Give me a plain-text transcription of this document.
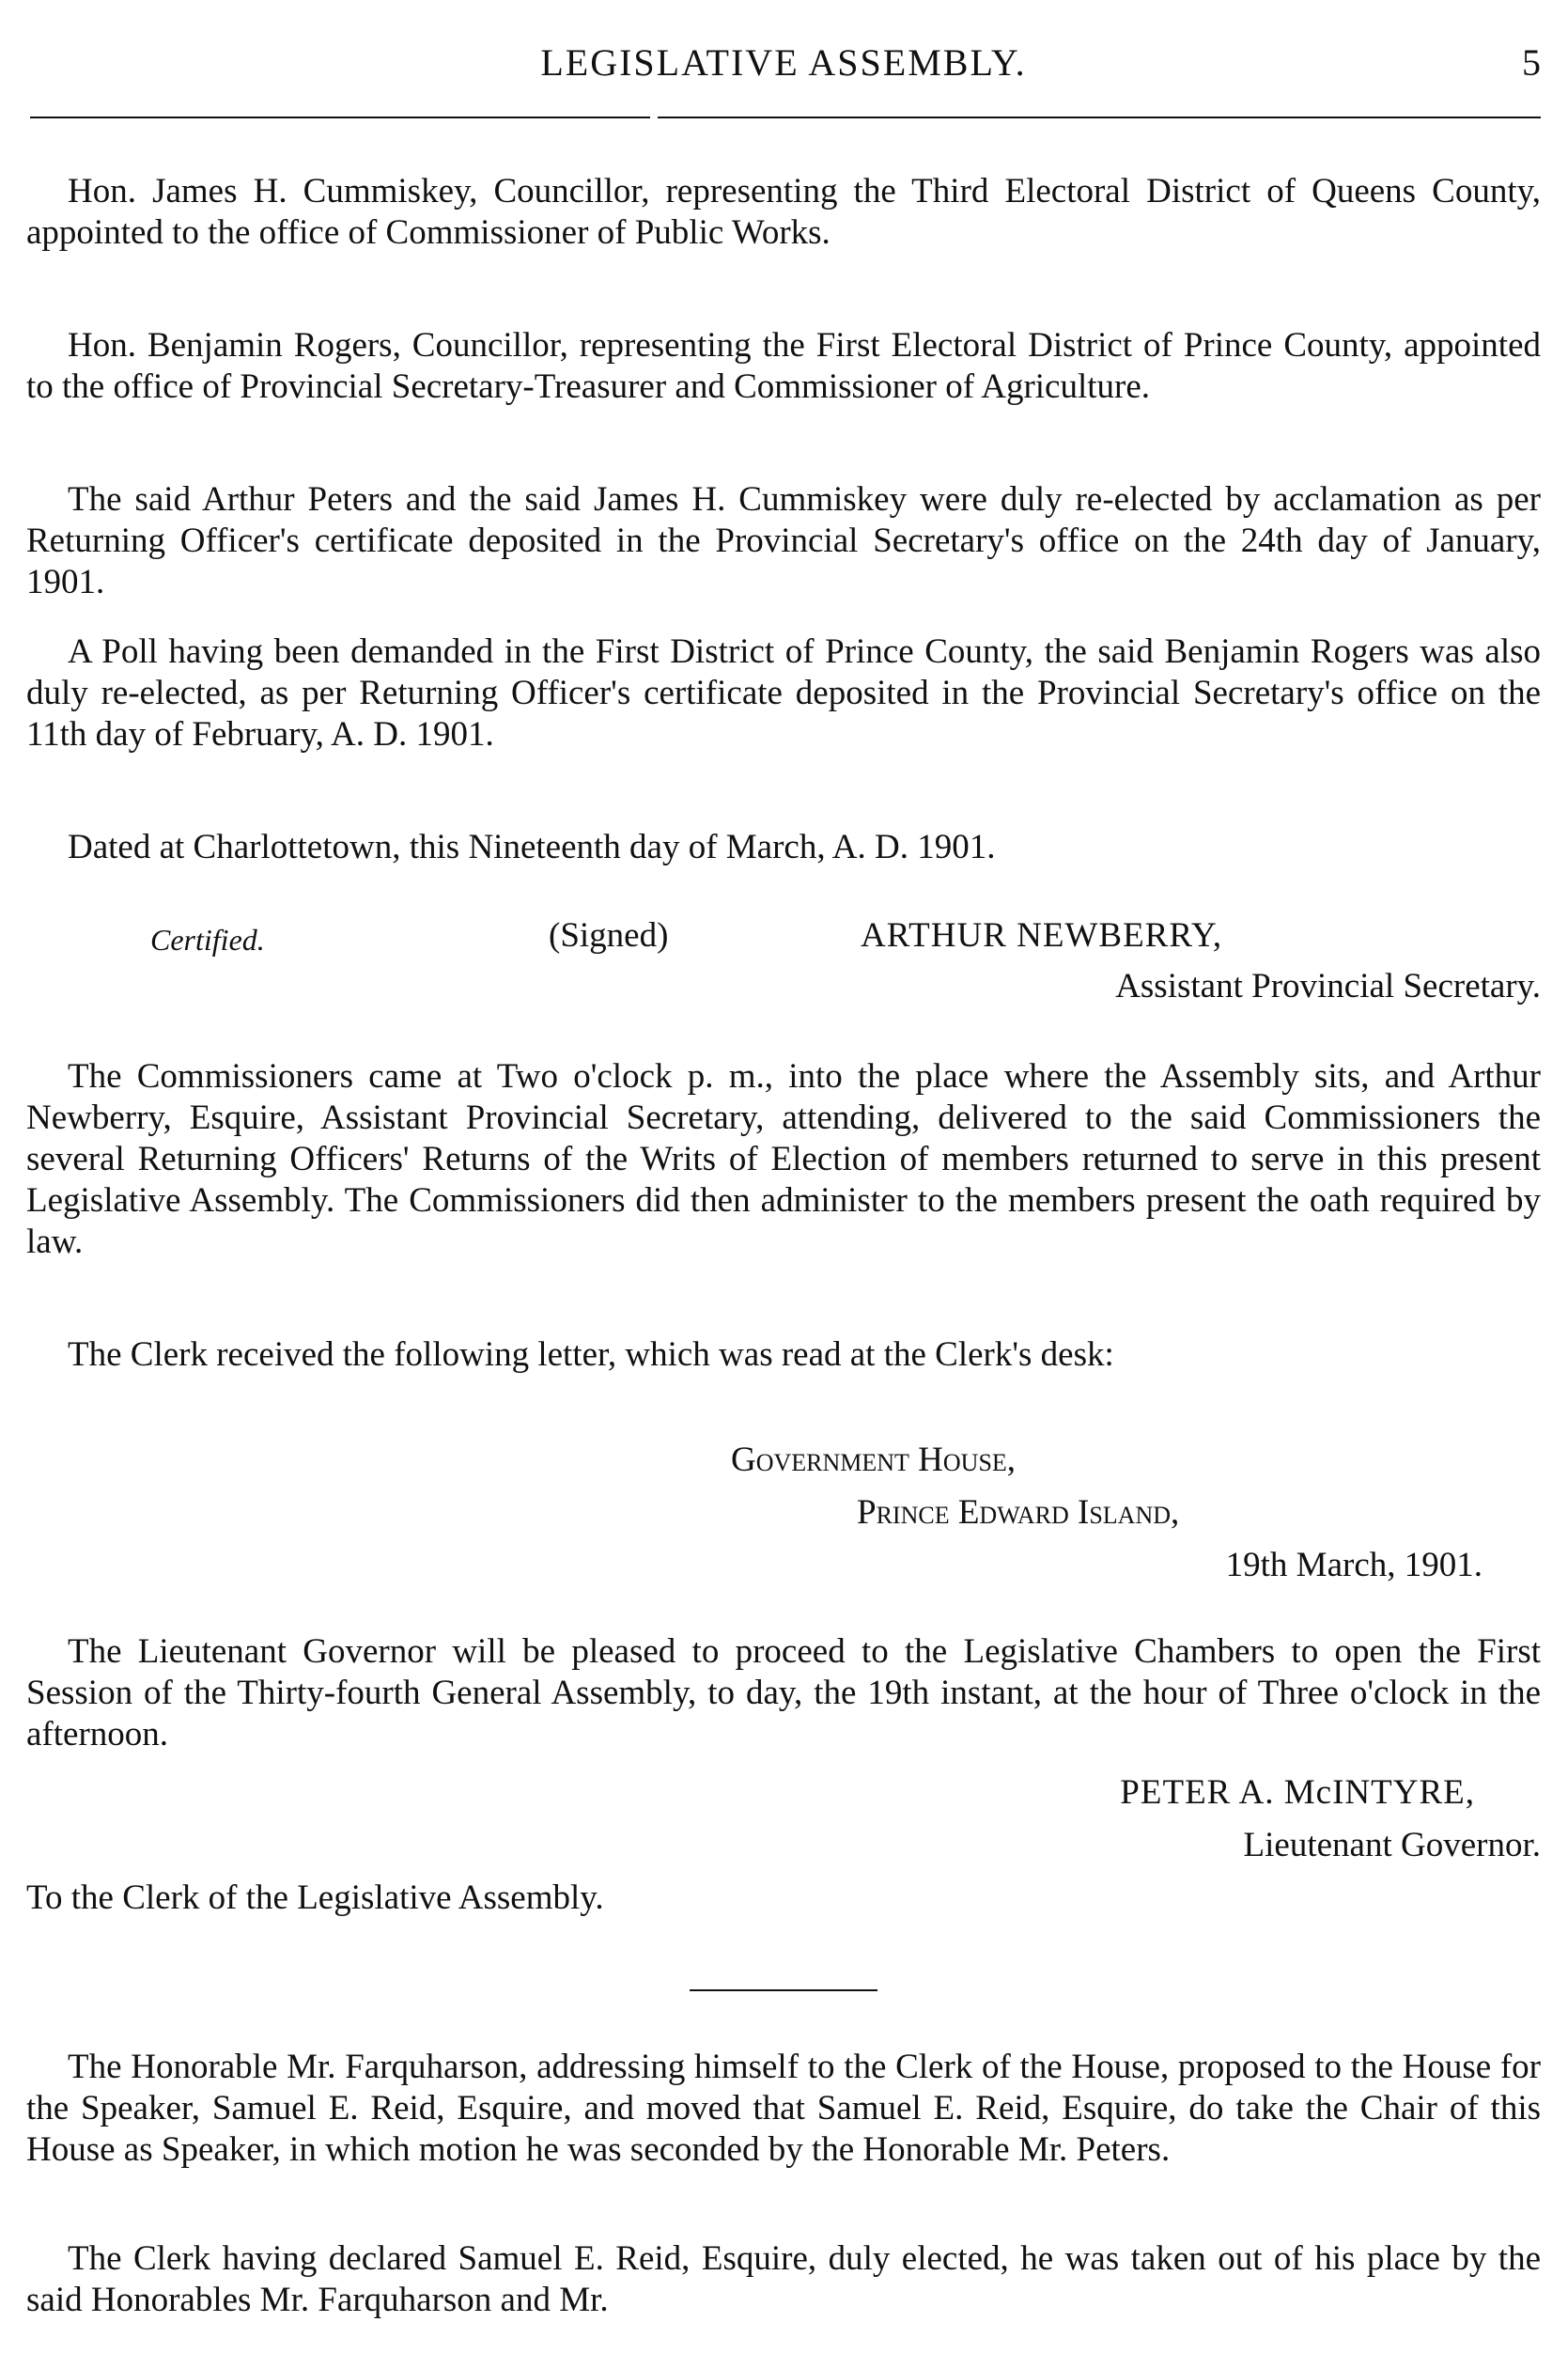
LEGISLATIVE ASSEMBLY.	5

Hon. James H. Cummiskey, Councillor, representing the Third Electoral District of Queens County, appointed to the office of Commissioner of Public Works.

Hon. Benjamin Rogers, Councillor, representing the First Electoral District of Prince County, appointed to the office of Provincial Secretary-Treasurer and Commissioner of Agriculture.

The said Arthur Peters and the said James H. Cummiskey were duly re-elected by acclamation as per Returning Officer's certificate deposited in the Provincial Secretary's office on the 24th day of January, 1901.

A Poll having been demanded in the First District of Prince County, the said Benjamin Rogers was also duly re-elected, as per Returning Officer's certificate deposited in the Provincial Secretary's office on the 11th day of February, A. D. 1901.

Dated at Charlottetown, this Nineteenth day of March, A. D. 1901.

Certified.	(Signed)	ARTHUR NEWBERRY,
Assistant Provincial Secretary.

The Commissioners came at Two o'clock p. m., into the place where the Assembly sits, and Arthur Newberry, Esquire, Assistant Provincial Secretary, attending, delivered to the said Commissioners the several Returning Officers' Returns of the Writs of Election of members returned to serve in this present Legislative Assembly. The Commissioners did then administer to the members present the oath required by law.

The Clerk received the following letter, which was read at the Clerk's desk:

Government House,
Prince Edward Island,
19th March, 1901.

The Lieutenant Governor will be pleased to proceed to the Legislative Chambers to open the First Session of the Thirty-fourth General Assembly, to day, the 19th instant, at the hour of Three o'clock in the afternoon.

PETER A. McINTYRE,
Lieutenant Governor.
To the Clerk of the Legislative Assembly.

The Honorable Mr. Farquharson, addressing himself to the Clerk of the House, proposed to the House for the Speaker, Samuel E. Reid, Esquire, and moved that Samuel E. Reid, Esquire, do take the Chair of this House as Speaker, in which motion he was seconded by the Honorable Mr. Peters.

The Clerk having declared Samuel E. Reid, Esquire, duly elected, he was taken out of his place by the said Honorables Mr. Farquharson and Mr.
